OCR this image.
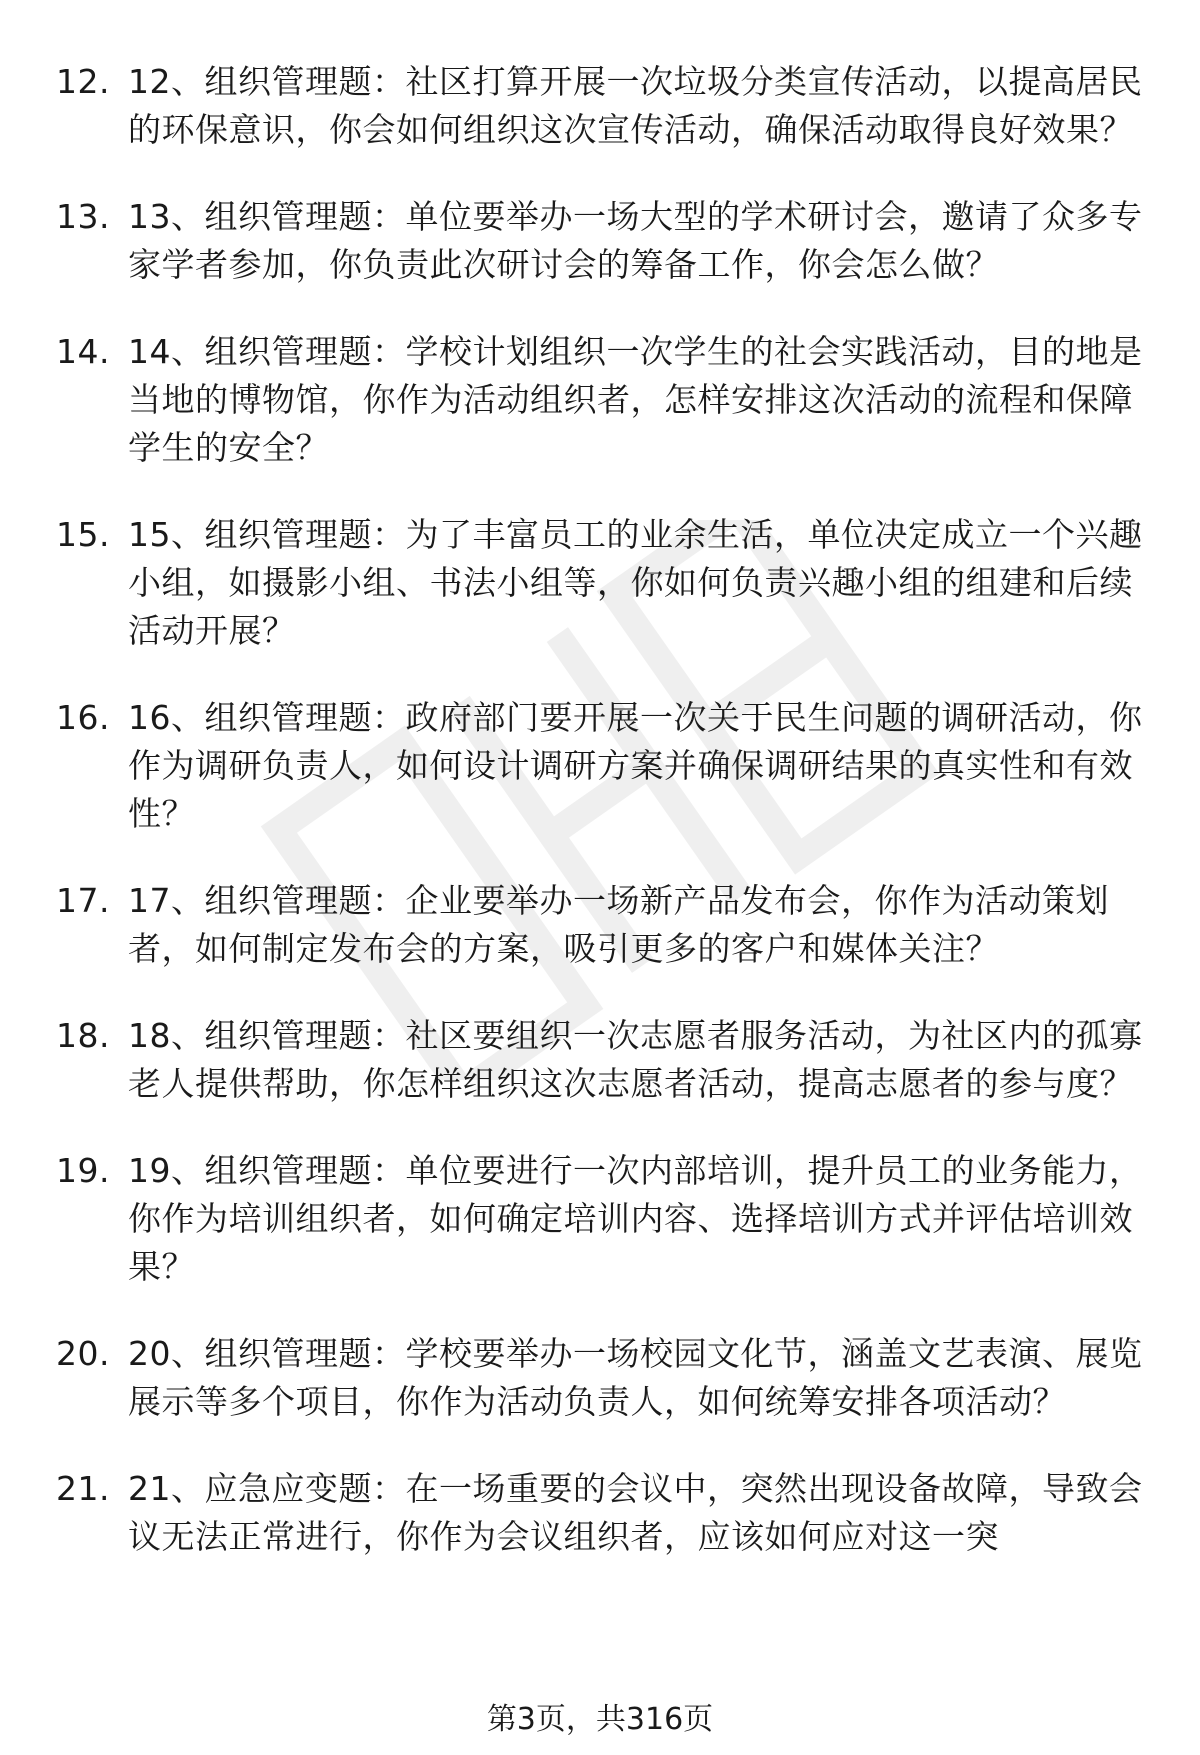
12. 12、组织管理题：社区打算开展一次垃圾分类宣传活动，以提高居民的环保意识，你会如何组织这次宣传活动，确保活动取得良好效果？
13. 13、组织管理题：单位要举办一场大型的学术研讨会，邀请了众多专家学者参加，你负责此次研讨会的筹备工作，你会怎么做？
14. 14、组织管理题：学校计划组织一次学生的社会实践活动，目的地是当地的博物馆，你作为活动组织者，怎样安排这次活动的流程和保障学生的安全？
15. 15、组织管理题：为了丰富员工的业余生活，单位决定成立一个兴趣小组，如摄影小组、书法小组等，你如何负责兴趣小组的组建和后续活动开展？
16. 16、组织管理题：政府部门要开展一次关于民生问题的调研活动，你作为调研负责人，如何设计调研方案并确保调研结果的真实性和有效性？
17. 17、组织管理题：企业要举办一场新产品发布会，你作为活动策划者，如何制定发布会的方案，吸引更多的客户和媒体关注？
18. 18、组织管理题：社区要组织一次志愿者服务活动，为社区内的孤寡老人提供帮助，你怎样组织这次志愿者活动，提高志愿者的参与度？
19. 19、组织管理题：单位要进行一次内部培训，提升员工的业务能力，你作为培训组织者，如何确定培训内容、选择培训方式并评估培训效果？
20. 20、组织管理题：学校要举办一场校园文化节，涵盖文艺表演、展览展示等多个项目，你作为活动负责人，如何统筹安排各项活动？
21. 21、应急应变题：在一场重要的会议中，突然出现设备故障，导致会议无法正常进行，你作为会议组织者，应该如何应对这一突
第3页，共316页
